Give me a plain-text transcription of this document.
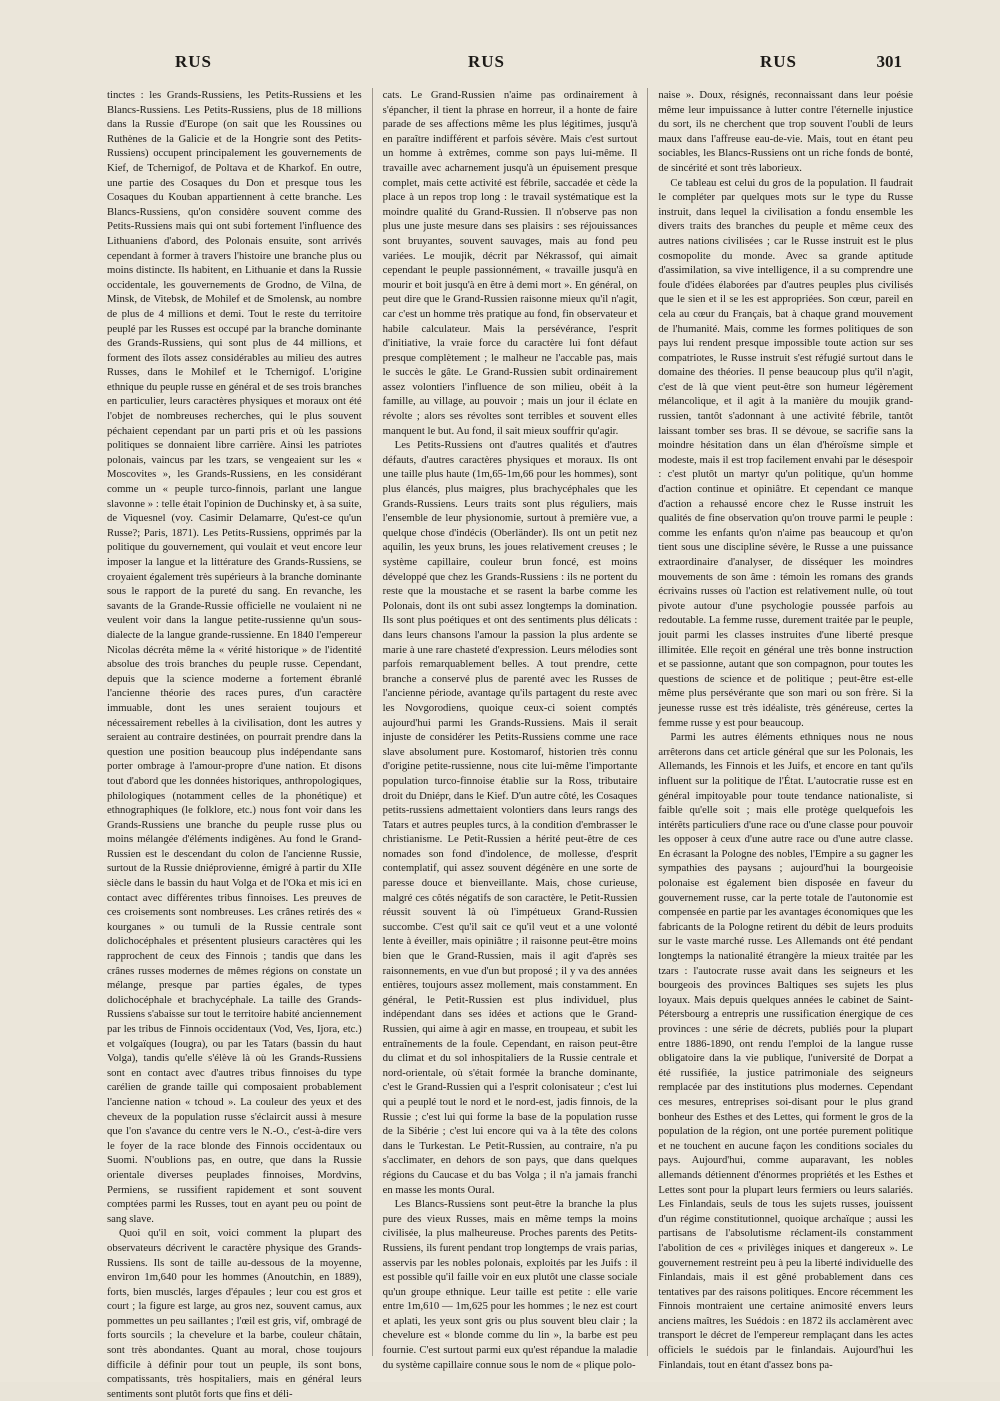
RUS	RUS	RUS	301

tinctes : les Grands-Russiens, les Petits-Russiens et les Blancs-Russiens. Les Petits-Russiens, plus de 18 millions dans la Russie d'Europe (on sait que les Roussines ou Ruthènes de la Galicie et de la Hongrie sont des Petits-Russiens) occupent principalement les gouvernements de Kief, de Tchernigof, de Poltava et de Kharkof. En outre, une partie des Cosaques du Don et presque tous les Cosaques du Kouban appartiennent à cette branche. Les Blancs-Russiens, qu'on considère souvent comme des Petits-Russiens mais qui ont subi fortement l'influence des Lithuaniens d'abord, des Polonais ensuite, sont arrivés cependant à former à travers l'histoire une branche plus ou moins distincte. Ils habitent, en Lithuanie et dans la Russie occidentale, les gouvernements de Grodno, de Vilna, de Minsk, de Vitebsk, de Mohilef et de Smolensk, au nombre de plus de 4 millions et demi. Tout le reste du territoire peuplé par les Russes est occupé par la branche dominante des Grands-Russiens, qui sont plus de 44 millions, et forment des îlots assez considérables au milieu des autres Russes, dans le Mohilef et le Tchernigof. L'origine ethnique du peuple russe en général et de ses trois branches en particulier, leurs caractères physiques et moraux ont été l'objet de nombreuses recherches, qui le plus souvent péchaient cependant par un parti pris et où les passions politiques se donnaient libre carrière. Ainsi les patriotes polonais, vaincus par les tzars, se vengeaient sur les « Moscovites », les Grands-Russiens, en les considérant comme un « peuple turco-finnois, parlant une langue slavonne » : telle était l'opinion de Duchinsky et, à sa suite, de Viquesnel (voy. Casimir Delamarre, Qu'est-ce qu'un Russe?; Paris, 1871). Les Petits-Russiens, opprimés par la politique du gouvernement, qui voulait et veut encore leur imposer la langue et la littérature des Grands-Russiens, se croyaient également très supérieurs à la branche dominante sous le rapport de la pureté du sang. En revanche, les savants de la Grande-Russie officielle ne voulaient ni ne veulent voir dans la langue petite-russienne qu'un sous-dialecte de la langue grande-russienne. En 1840 l'empereur Nicolas décréta même la « vérité historique » de l'identité absolue des trois branches du peuple russe. Cependant, depuis que la science moderne a fortement ébranlé l'ancienne théorie des races pures, d'un caractère immuable, dont les unes seraient toujours et nécessairement rebelles à la civilisation, dont les autres y seraient au contraire destinées, on pourrait prendre dans la question une position beaucoup plus indépendante sans porter ombrage à l'amour-propre d'une nation. Et disons tout d'abord que les données historiques, anthropologiques, philologiques (notamment celles de la phonétique) et ethnographiques (le folklore, etc.) nous font voir dans les Grands-Russiens une branche du peuple russe plus ou moins mélangée d'éléments indigènes. Au fond le Grand-Russien est le descendant du colon de l'ancienne Russie, surtout de la Russie dniéprovienne, émigré à partir du XIIe siècle dans le bassin du haut Volga et de l'Oka et mis ici en contact avec différentes tribus finnoises. Les preuves de ces croisements sont nombreuses. Les crânes retirés des « kourganes » ou tumuli de la Russie centrale sont dolichocéphales et présentent plusieurs caractères qui les rapprochent de ceux des Finnois ; tandis que dans les crânes russes modernes de mêmes régions on constate un mélange, presque par parties égales, de types dolichocéphale et brachycéphale. La taille des Grands-Russiens s'abaisse sur tout le territoire habité anciennement par les tribus de Finnois occidentaux (Vod, Ves, Ijora, etc.) et volgaïques (Iougra), ou par les Tatars (bassin du haut Volga), tandis qu'elle s'élève là où les Grands-Russiens sont en contact avec d'autres tribus finnoises du type carélien de grande taille qui composaient probablement l'ancienne nation « tchoud ». La couleur des yeux et des cheveux de la population russe s'éclaircit aussi à mesure que l'on s'avance du centre vers le N.-O., c'est-à-dire vers le foyer de la race blonde des Finnois occidentaux ou Suomi. N'oublions pas, en outre, que dans la Russie orientale diverses peuplades finnoises, Mordvins, Permiens, se russifient rapidement et sont souvent comptées parmi les Russes, tout en ayant peu ou point de sang slave.

Quoi qu'il en soit, voici comment la plupart des observateurs décrivent le caractère physique des Grands-Russiens. Ils sont de taille au-dessous de la moyenne, environ 1m,640 pour les hommes (Anoutchin, en 1889), forts, bien musclés, larges d'épaules ; leur cou est gros et court ; la figure est large, au gros nez, souvent camus, aux pommettes un peu saillantes ; l'œil est gris, vif, ombragé de forts sourcils ; la chevelure et la barbe, couleur châtain, sont très abondantes. Quant au moral, chose toujours difficile à définir pour tout un peuple, ils sont bons, compatissants, très hospitaliers, mais en général leurs sentiments sont plutôt forts que fins et déli-

cats. Le Grand-Russien n'aime pas ordinairement à s'épancher, il tient la phrase en horreur, il a honte de faire parade de ses affections même les plus légitimes, jusqu'à en paraître indifférent et parfois sévère. Mais c'est surtout un homme à extrêmes, comme son pays lui-même. Il travaille avec acharnement jusqu'à un épuisement presque complet, mais cette activité est fébrile, saccadée et cède la place à un repos trop long : le travail systématique est la moindre qualité du Grand-Russien. Il n'observe pas non plus une juste mesure dans ses plaisirs : ses réjouissances sont bruyantes, souvent sauvages, mais au fond peu variées. Le moujik, décrit par Nékrassof, qui aimait cependant le peuple passionnément, « travaille jusqu'à en mourir et boit jusqu'à en être à demi mort ». En général, on peut dire que le Grand-Russien raisonne mieux qu'il n'agit, car c'est un homme très pratique au fond, fin observateur et habile calculateur. Mais la persévérance, l'esprit d'initiative, la vraie force du caractère lui font défaut presque complètement ; le malheur ne l'accable pas, mais le succès le gâte. Le Grand-Russien subit ordinairement assez volontiers l'influence de son milieu, obéit à la famille, au village, au pouvoir ; mais un jour il éclate en révolte ; alors ses révoltes sont terribles et souvent elles manquent le but. Au fond, il sait mieux souffrir qu'agir.

Les Petits-Russiens ont d'autres qualités et d'autres défauts, d'autres caractères physiques et moraux. Ils ont une taille plus haute (1m,65-1m,66 pour les hommes), sont plus élancés, plus maigres, plus brachycéphales que les Grands-Russiens. Leurs traits sont plus réguliers, mais l'ensemble de leur physionomie, surtout à première vue, a quelque chose d'indécis (Oberländer). Ils ont un petit nez aquilin, les yeux bruns, les joues relativement creuses ; le système capillaire, couleur brun foncé, est moins développé que chez les Grands-Russiens : ils ne portent du reste que la moustache et se rasent la barbe comme les Polonais, dont ils ont subi assez longtemps la domination. Ils sont plus poétiques et ont des sentiments plus délicats : dans leurs chansons l'amour la passion la plus ardente se marie à une rare chasteté d'expression. Leurs mélodies sont parfois remarquablement belles. A tout prendre, cette branche a conservé plus de parenté avec les Russes de l'ancienne période, avantage qu'ils partagent du reste avec les Novgorodiens, quoique ceux-ci soient comptés aujourd'hui parmi les Grands-Russiens. Mais il serait injuste de considérer les Petits-Russiens comme une race slave absolument pure. Kostomarof, historien très connu d'origine petite-russienne, nous cite lui-même l'importante population turco-finnoise établie sur la Ross, tributaire droit du Dniépr, dans le Kief. D'un autre côté, les Cosaques petits-russiens admettaient volontiers dans leurs rangs des Tatars et autres peuples turcs, à la condition d'embrasser le christianisme. Le Petit-Russien a hérité peut-être de ces nomades son fond d'indolence, de mollesse, d'esprit contemplatif, qui assez souvent dégénère en une sorte de paresse douce et bienveillante. Mais, chose curieuse, malgré ces côtés négatifs de son caractère, le Petit-Russien réussit souvent là où l'impétueux Grand-Russien succombe. C'est qu'il sait ce qu'il veut et a une volonté lente à éveiller, mais opiniâtre ; il raisonne peut-être moins bien que le Grand-Russien, mais il agit d'après ses raisonnements, en vue d'un but proposé ; il y va des années entières, toujours assez mollement, mais constamment. En général, le Petit-Russien est plus individuel, plus indépendant dans ses idées et actions que le Grand-Russien, qui aime à agir en masse, en troupeau, et subit les entraînements de la foule. Cependant, en raison peut-être du climat et du sol inhospitaliers de la Russie centrale et nord-orientale, où s'était formée la branche dominante, c'est le Grand-Russien qui a l'esprit colonisateur ; c'est lui qui a peuplé tout le nord et le nord-est, jadis finnois, de la Russie ; c'est lui qui forme la base de la population russe de la Sibérie ; c'est lui encore qui va à la tête des colons dans le Turkestan. Le Petit-Russien, au contraire, n'a pu s'acclimater, en dehors de son pays, que dans quelques régions du Caucase et du bas Volga ; il n'a jamais franchi en masse les monts Oural.

Les Blancs-Russiens sont peut-être la branche la plus pure des vieux Russes, mais en même temps la moins civilisée, la plus malheureuse. Proches parents des Petits-Russiens, ils furent pendant trop longtemps de vrais parias, asservis par les nobles polonais, exploités par les Juifs : il est possible qu'il faille voir en eux plutôt une classe sociale qu'un groupe ethnique. Leur taille est petite : elle varie entre 1m,610 — 1m,625 pour les hommes ; le nez est court et aplati, les yeux sont gris ou plus souvent bleu clair ; la chevelure est « blonde comme du lin », la barbe est peu fournie. C'est surtout parmi eux qu'est répandue la maladie du système capillaire connue sous le nom de « plique polo-

naise ». Doux, résignés, reconnaissant dans leur poésie même leur impuissance à lutter contre l'éternelle injustice du sort, ils ne cherchent que trop souvent l'oubli de leurs maux dans l'affreuse eau-de-vie. Mais, tout en étant peu sociables, les Blancs-Russiens ont un riche fonds de bonté, de sincérité et sont très laborieux.

Ce tableau est celui du gros de la population. Il faudrait le compléter par quelques mots sur le type du Russe instruit, dans lequel la civilisation a fondu ensemble les divers traits des branches du peuple et même ceux des autres nations civilisées ; car le Russe instruit est le plus cosmopolite du monde. Avec sa grande aptitude d'assimilation, sa vive intelligence, il a su comprendre une foule d'idées élaborées par d'autres peuples plus civilisés que le sien et il se les est appropriées. Son cœur, pareil en cela au cœur du Français, bat à chaque grand mouvement de l'humanité. Mais, comme les formes politiques de son pays lui rendent presque impossible toute action sur ses compatriotes, le Russe instruit s'est réfugié surtout dans le domaine des théories. Il pense beaucoup plus qu'il n'agit, c'est de là que vient peut-être son humeur légèrement mélancolique, et il agit à la manière du moujik grand-russien, tantôt s'adonnant à une activité fébrile, tantôt laissant tomber ses bras. Il se dévoue, se sacrifie sans la moindre hésitation dans un élan d'héroïsme simple et modeste, mais il est trop facilement envahi par le désespoir : c'est plutôt un martyr qu'un politique, qu'un homme d'action continue et opiniâtre. Et cependant ce manque d'action a rehaussé encore chez le Russe instruit les qualités de fine observation qu'on trouve parmi le peuple : comme les enfants qu'on n'aime pas beaucoup et qu'on tient sous une discipline sévère, le Russe a une puissance extraordinaire d'analyser, de disséquer les moindres mouvements de son âme : témoin les romans des grands écrivains russes où l'action est relativement nulle, où tout pivote autour d'une psychologie poussée parfois au redoutable. La femme russe, durement traitée par le peuple, jouit parmi les classes instruites d'une liberté presque illimitée. Elle reçoit en général une très bonne instruction et se passionne, autant que son compagnon, pour toutes les questions de science et de politique ; peut-être est-elle même plus persévérante que son mari ou son frère. Si la jeunesse russe est très idéaliste, très généreuse, certes la femme russe y est pour beaucoup.

Parmi les autres éléments ethniques nous ne nous arrêterons dans cet article général que sur les Polonais, les Allemands, les Finnois et les Juifs, et encore en tant qu'ils influent sur la politique de l'État. L'autocratie russe est en général impitoyable pour toute tendance nationaliste, si faible qu'elle soit ; mais elle protège quelquefois les intérêts particuliers d'une race ou d'une classe pour pouvoir les opposer à ceux d'une autre race ou d'une autre classe. En écrasant la Pologne des nobles, l'Empire a su gagner les sympathies des paysans ; aujourd'hui la bourgeoisie polonaise est également bien disposée en faveur du gouvernement russe, car la perte totale de l'autonomie est compensée en partie par les avantages économiques que les fabricants de la Pologne retirent du débit de leurs produits sur le vaste marché russe. Les Allemands ont été pendant longtemps la nationalité étrangère la mieux traitée par les tzars : l'autocrate russe avait dans les seigneurs et les bourgeois des provinces Baltiques ses sujets les plus loyaux. Mais depuis quelques années le cabinet de Saint-Pétersbourg a entrepris une russification énergique de ces provinces : une série de décrets, publiés pour la plupart entre 1886-1890, ont rendu l'emploi de la langue russe obligatoire dans la vie publique, l'université de Dorpat a été russifiée, la justice patrimoniale des seigneurs remplacée par des institutions plus modernes. Cependant ces mesures, entreprises soi-disant pour le plus grand bonheur des Esthes et des Lettes, qui forment le gros de la population de la région, ont une portée purement politique et ne touchent en aucune façon les conditions sociales du pays. Aujourd'hui, comme auparavant, les nobles allemands détiennent d'énormes propriétés et les Esthes et Lettes sont pour la plupart leurs fermiers ou leurs salariés. Les Finlandais, seuls de tous les sujets russes, jouissent d'un régime constitutionnel, quoique archaïque ; aussi les partisans de l'absolutisme réclament-ils constamment l'abolition de ces « privilèges iniques et dangereux ». Le gouvernement restreint peu à peu la liberté individuelle des Finlandais, mais il est gêné probablement dans ces tentatives par des raisons politiques. Encore récemment les Finnois montraient une certaine animosité envers leurs anciens maîtres, les Suédois : en 1872 ils acclamèrent avec transport le décret de l'empereur remplaçant dans les actes officiels le suédois par le finlandais. Aujourd'hui les Finlandais, tout en étant d'assez bons pa-
